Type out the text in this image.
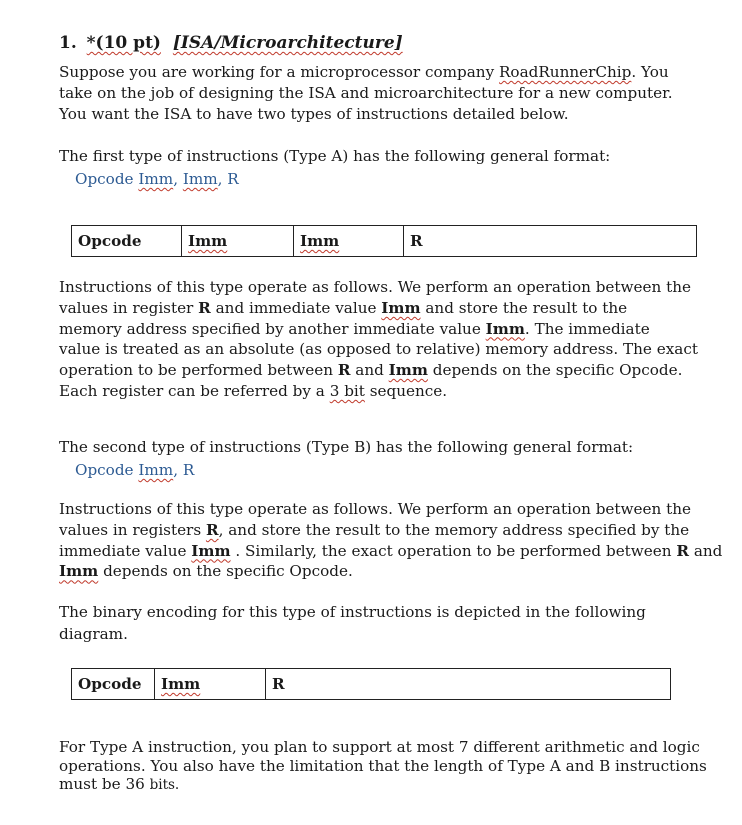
1. *(10 pt) [ISA/Microarchitecture]
Suppose you are working for a microprocessor company RoadRunnerChip. You
take on the job of designing the ISA and microarchitecture for a new computer.
You want the ISA to have two types of instructions detailed below.
The first type of instructions (Type A) has the following general format:
Opcode Imm, Imm, R
Opcode	Imm	Imm	R
Instructions of this type operate as follows. We perform an operation between the
values in register R and immediate value Imm and store the result to the
memory address specified by another immediate value Imm. The immediate
value is treated as an absolute (as opposed to relative) memory address. The exact
operation to be performed between R and Imm depends on the specific Opcode.
Each register can be referred by a 3 bit sequence.
The second type of instructions (Type B) has the following general format:
Opcode Imm, R
Instructions of this type operate as follows. We perform an operation between the
values in registers R, and store the result to the memory address specified by the
immediate value Imm . Similarly, the exact operation to be performed between R and
Imm depends on the specific Opcode.
The binary encoding for this type of instructions is depicted in the following
diagram.
Opcode	Imm	R
For Type A instruction, you plan to support at most 7 different arithmetic and logic
operations. You also have the limitation that the length of Type A and B instructions
must be 36 bits.
